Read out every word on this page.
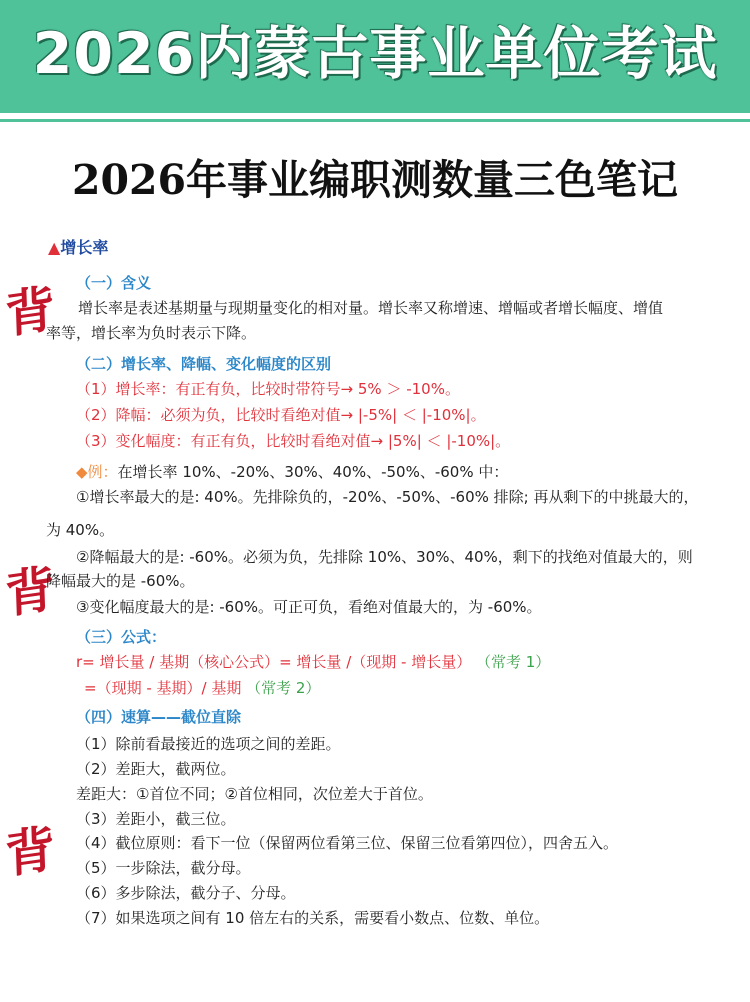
2026内蒙古事业单位考试
2026年事业编职测数量三色笔记
背
背
背
▲增长率
（一）含义
增长率是表述基期量与现期量变化的相对量。增长率又称增速、增幅或者增长幅度、增值
率等，增长率为负时表示下降。
（二）增长率、降幅、变化幅度的区别
（1）增长率：有正有负，比较时带符号→ 5% ＞ -10%。
（2）降幅：必须为负，比较时看绝对值→ |-5%| ＜ |-10%|。
（3）变化幅度：有正有负，比较时看绝对值→ |5%| ＜ |-10%|。
◆例：在增长率 10%、-20%、30%、40%、-50%、-60% 中：
①增长率最大的是: 40%。先排除负的，-20%、-50%、-60% 排除; 再从剩下的中挑最大的，
为 40%。
②降幅最大的是: -60%。必须为负，先排除 10%、30%、40%，剩下的找绝对值最大的，则
降幅最大的是 -60%。
③变化幅度最大的是: -60%。可正可负，看绝对值最大的，为 -60%。
（三）公式：
r= 增长量 / 基期（核心公式）= 增长量 /（现期 - 增长量） （常考 1）
=（现期 - 基期）/ 基期 （常考 2）
（四）速算——截位直除
（1）除前看最接近的选项之间的差距。
（2）差距大，截两位。
差距大：①首位不同；②首位相同，次位差大于首位。
（3）差距小，截三位。
（4）截位原则：看下一位（保留两位看第三位、保留三位看第四位），四舍五入。
（5）一步除法，截分母。
（6）多步除法，截分子、分母。
（7）如果选项之间有 10 倍左右的关系，需要看小数点、位数、单位。
